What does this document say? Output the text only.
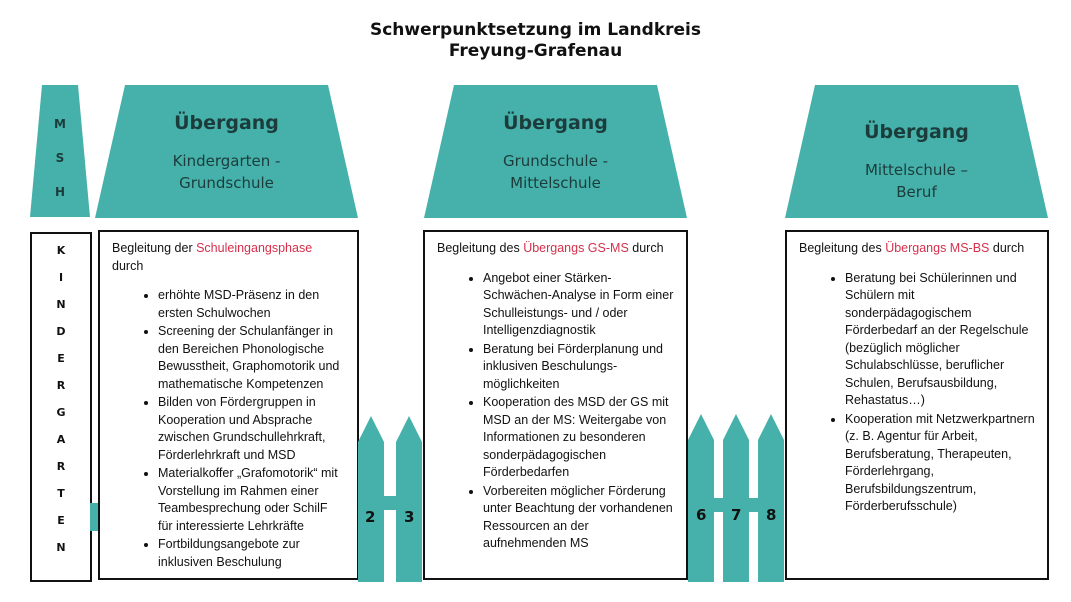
Schwerpunktsetzung im Landkreis
Freyung-Grafenau
M
S
H
Übergang
Kindergarten -
Grundschule
Übergang
Grundschule -
Mittelschule
Übergang
Mittelschule –
Beruf
K
I
N
D
E
R
G
A
R
T
E
N
Begleitung der Schuleingangsphase durch
• erhöhte MSD-Präsenz in den ersten Schulwochen
• Screening der Schulanfänger in den Bereichen Phonologische Bewusstheit, Graphomotorik und mathematische Kompetenzen
• Bilden von Fördergruppen in Kooperation und Absprache zwischen Grundschullehrkraft, Förderlehrkraft und MSD
• Materialkoffer „Grafomotorik“ mit Vorstellung im Rahmen einer Teambesprechung oder SchilF für interessierte Lehrkräfte
• Fortbildungsangebote zur inklusiven Beschulung
Begleitung des Übergangs GS-MS durch
• Angebot einer Stärken-Schwächen-Analyse in Form einer Schulleistungs- und / oder Intelligenzdiagnostik
• Beratung bei Förderplanung und inklusiven Beschulungs-möglichkeiten
• Kooperation des MSD der GS mit MSD an der MS: Weitergabe von Informationen zu besonderen sonderpädagogischen Förderbedarfen
• Vorbereiten möglicher Förderung unter Beachtung der vorhandenen Ressourcen an der aufnehmenden MS
Begleitung des Übergangs MS-BS durch
• Beratung bei Schülerinnen und Schülern mit sonderpädagogischem Förderbedarf an der Regelschule (bezüglich möglicher Schulabschlüsse, beruflicher Schulen, Berufsausbildung, Rehastatus…)
• Kooperation mit Netzwerkpartnern (z. B. Agentur für Arbeit, Berufsberatung, Therapeuten, Förderlehrgang, Berufsbildungszentrum, Förderberufsschule)
2 3	6 7 8
